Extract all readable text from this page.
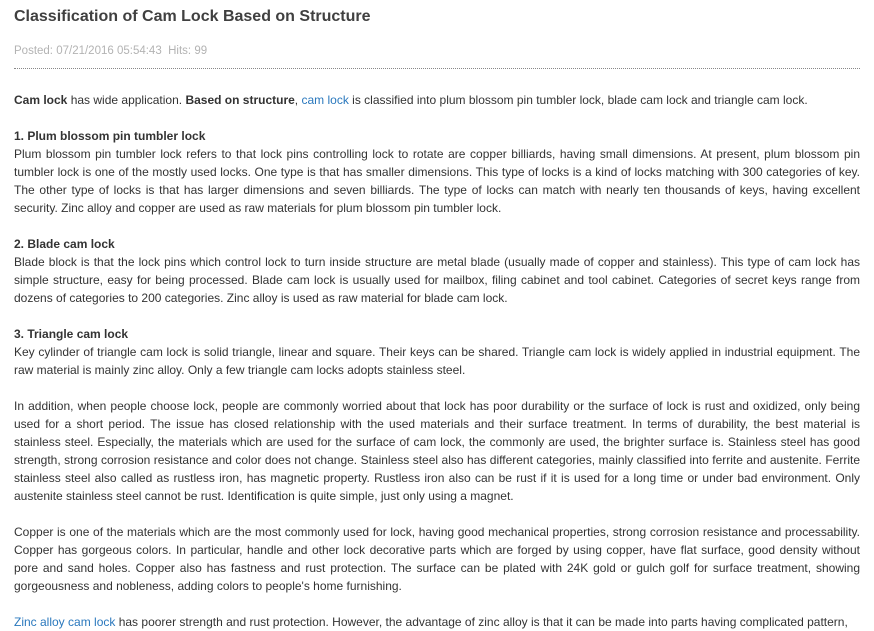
Classification of Cam Lock Based on Structure
Posted: 07/21/2016 05:54:43 Hits: 99

Cam lock has wide application. Based on structure, cam lock is classified into plum blossom pin tumbler lock, blade cam lock and triangle cam lock.

1. Plum blossom pin tumbler lock

Plum blossom pin tumbler lock refers to that lock pins controlling lock to rotate are copper billiards, having small dimensions. At present, plum blossom pin tumbler lock is one of the mostly used locks. One type is that has smaller dimensions. This type of locks is a kind of locks matching with 300 categories of key. The other type of locks is that has larger dimensions and seven billiards. The type of locks can match with nearly ten thousands of keys, having excellent security. Zinc alloy and copper are used as raw materials for plum blossom pin tumbler lock.

2. Blade cam lock

Blade block is that the lock pins which control lock to turn inside structure are metal blade (usually made of copper and stainless). This type of cam lock has simple structure, easy for being processed. Blade cam lock is usually used for mailbox, filing cabinet and tool cabinet. Categories of secret keys range from dozens of categories to 200 categories. Zinc alloy is used as raw material for blade cam lock.

3. Triangle cam lock

Key cylinder of triangle cam lock is solid triangle, linear and square. Their keys can be shared. Triangle cam lock is widely applied in industrial equipment. The raw material is mainly zinc alloy. Only a few triangle cam locks adopts stainless steel.

In addition, when people choose lock, people are commonly worried about that lock has poor durability or the surface of lock is rust and oxidized, only being used for a short period. The issue has closed relationship with the used materials and their surface treatment. In terms of durability, the best material is stainless steel. Especially, the materials which are used for the surface of cam lock, the commonly are used, the brighter surface is. Stainless steel has good strength, strong corrosion resistance and color does not change. Stainless steel also has different categories, mainly classified into ferrite and austenite. Ferrite stainless steel also called as rustless iron, has magnetic property. Rustless iron also can be rust if it is used for a long time or under bad environment. Only austenite stainless steel cannot be rust. Identification is quite simple, just only using a magnet.

Copper is one of the materials which are the most commonly used for lock, having good mechanical properties, strong corrosion resistance and processability. Copper has gorgeous colors. In particular, handle and other lock decorative parts which are forged by using copper, have flat surface, good density without pore and sand holes. Copper also has fastness and rust protection. The surface can be plated with 24K gold or gulch golf for surface treatment, showing gorgeousness and nobleness, adding colors to people's home furnishing.

Zinc alloy cam lock has poorer strength and rust protection. However, the advantage of zinc alloy is that it can be made into parts having complicated pattern,
